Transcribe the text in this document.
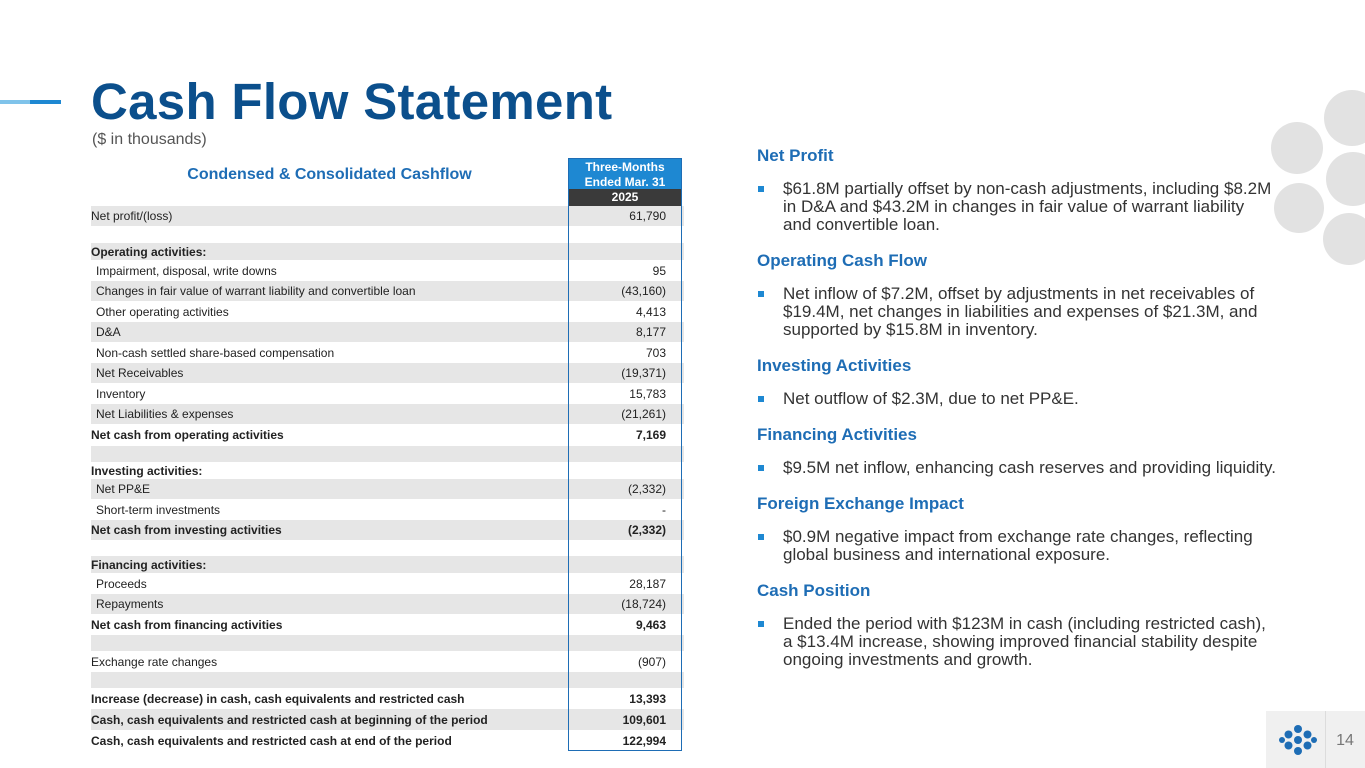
Cash Flow Statement
($ in thousands)
Condensed & Consolidated Cashflow	Three-Months
Ended Mar. 31
2025
Net profit/(loss)	61,790
Operating activities:
Impairment, disposal, write downs	95
Changes in fair value of warrant liability and convertible loan	(43,160)
Other operating activities	4,413
D&A	8,177
Non-cash settled share-based compensation	703
Net Receivables	(19,371)
Inventory	15,783
Net Liabilities & expenses	(21,261)
Net cash from operating activities	7,169
Investing activities:
Net PP&E	(2,332)
Short-term investments	-
Net cash from investing activities	(2,332)
Financing activities:
Proceeds	28,187
Repayments	(18,724)
Net cash from financing activities	9,463
Exchange rate changes	(907)
Increase (decrease) in cash, cash equivalents and restricted cash	13,393
Cash, cash equivalents and restricted cash at beginning of the period	109,601
Cash, cash equivalents and restricted cash at end of the period	122,994
Net Profit
$61.8M partially offset by non-cash adjustments, including $8.2M in D&A and $43.2M in changes in fair value of warrant liability and convertible loan.
Operating Cash Flow
Net inflow of $7.2M, offset by adjustments in net receivables of $19.4M, net changes in liabilities and expenses of $21.3M, and supported by $15.8M in inventory.
Investing Activities
Net outflow of $2.3M, due to net PP&E.
Financing Activities
$9.5M net inflow, enhancing cash reserves and providing liquidity.
Foreign Exchange Impact
$0.9M negative impact from exchange rate changes, reflecting global business and international exposure.
Cash Position
Ended the period with $123M in cash (including restricted cash), a $13.4M increase, showing improved financial stability despite ongoing investments and growth.
14
